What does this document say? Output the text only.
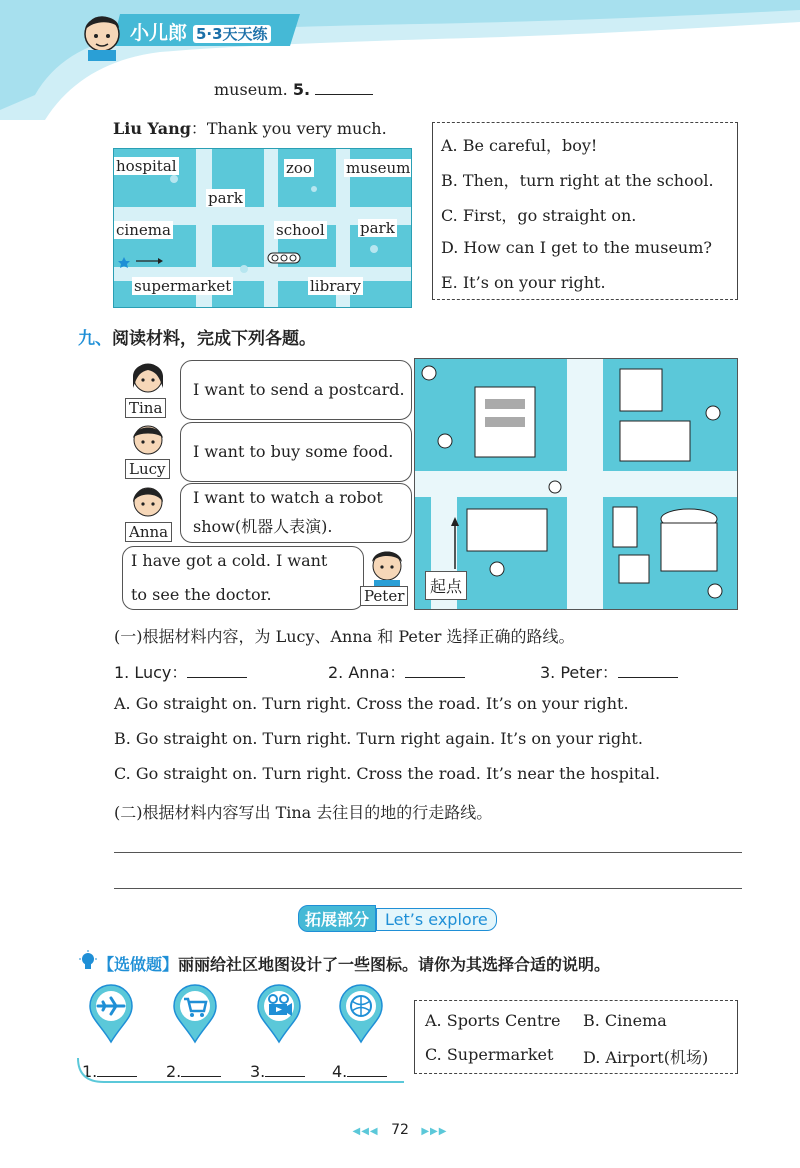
小儿郎 5·3天天练
museum. 5.
Liu Yang：Thank you very much.
hospital	zoo museum
park
cinema	school park
supermarket	library
A. Be careful，boy!
B. Then，turn right at the school.
C. First，go straight on.
D. How can I get to the museum?
E. It’s on your right.
九、阅读材料，完成下列各题。
Tina
I want to send a postcard.
Lucy
I want to buy some food.
Anna
I want to watch a robot
show(机器人表演).
I have got a cold. I want
to see the doctor.	Peter	起点
(一)根据材料内容，为 Lucy、Anna 和 Peter 选择正确的路线。
1. Lucy：	2. Anna：	3. Peter：
A. Go straight on. Turn right. Cross the road. It’s on your right.
B. Go straight on. Turn right. Turn right again. It’s on your right.
C. Go straight on. Turn right. Cross the road. It’s near the hospital.
(二)根据材料内容写出 Tina 去往目的地的行走路线。
拓展部分 Let’s explore
【选做题】丽丽给社区地图设计了一些图标。请你为其选择合适的说明。
1.	2.	3.	4.
A. Sports Centre B. Cinema
C. Supermarket D. Airport(机场)
◀◀◀ 72 ▶▶▶
